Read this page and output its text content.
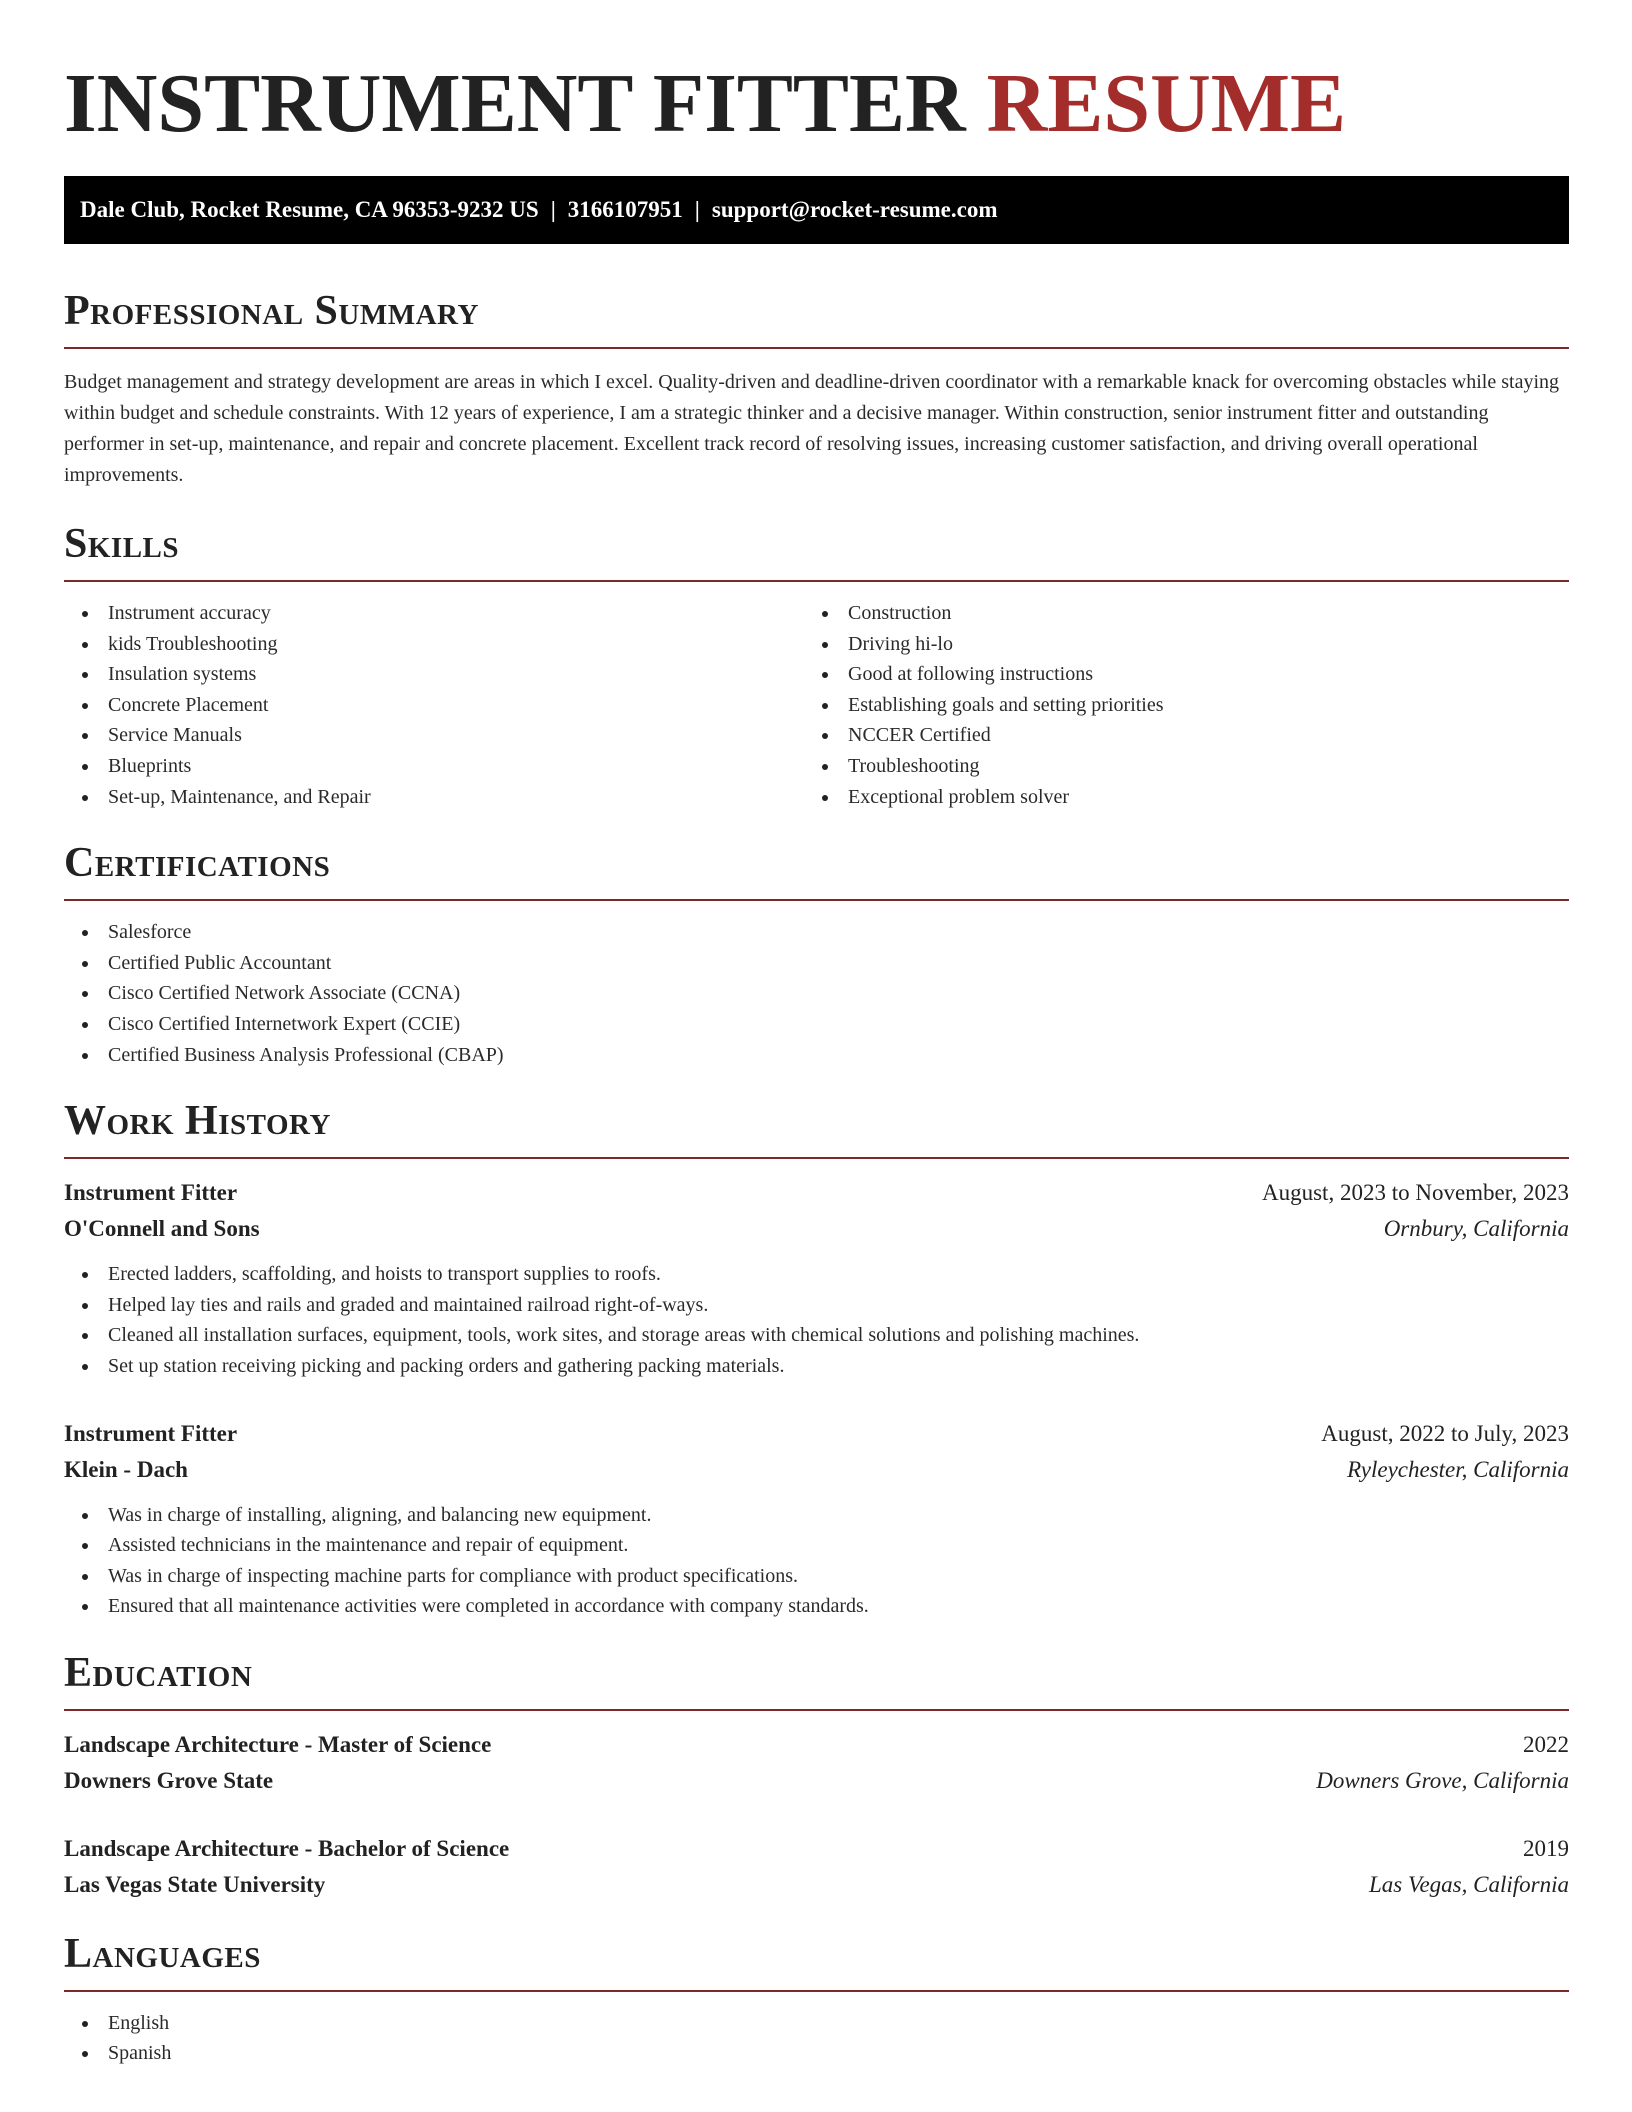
INSTRUMENT FITTER RESUME
Dale Club, Rocket Resume, CA 96353-9232 US | 3166107951 | support@rocket-resume.com
Professional Summary

Budget management and strategy development are areas in which I excel. Quality-driven and deadline-driven coordinator with a remarkable knack for overcoming obstacles while staying within budget and schedule constraints. With 12 years of experience, I am a strategic thinker and a decisive manager. Within construction, senior instrument fitter and outstanding performer in set-up, maintenance, and repair and concrete placement. Excellent track record of resolving issues, increasing customer satisfaction, and driving overall operational improvements.

Skills
Instrument accuracy
kids Troubleshooting
Insulation systems
Concrete Placement
Service Manuals
Blueprints
Set-up, Maintenance, and Repair
Construction
Driving hi-lo
Good at following instructions
Establishing goals and setting priorities
NCCER Certified
Troubleshooting
Exceptional problem solver
Certifications
Salesforce
Certified Public Accountant
Cisco Certified Network Associate (CCNA)
Cisco Certified Internetwork Expert (CCIE)
Certified Business Analysis Professional (CBAP)
Work History
Instrument Fitter	August, 2023 to November, 2023
O'Connell and Sons	Ornbury, California
Erected ladders, scaffolding, and hoists to transport supplies to roofs.
Helped lay ties and rails and graded and maintained railroad right-of-ways.
Cleaned all installation surfaces, equipment, tools, work sites, and storage areas with chemical solutions and polishing machines.
Set up station receiving picking and packing orders and gathering packing materials.
Instrument Fitter	August, 2022 to July, 2023
Klein - Dach	Ryleychester, California
Was in charge of installing, aligning, and balancing new equipment.
Assisted technicians in the maintenance and repair of equipment.
Was in charge of inspecting machine parts for compliance with product specifications.
Ensured that all maintenance activities were completed in accordance with company standards.
Education
Landscape Architecture - Master of Science	2022
Downers Grove State	Downers Grove, California
Landscape Architecture - Bachelor of Science	2019
Las Vegas State University	Las Vegas, California
Languages
English
Spanish
